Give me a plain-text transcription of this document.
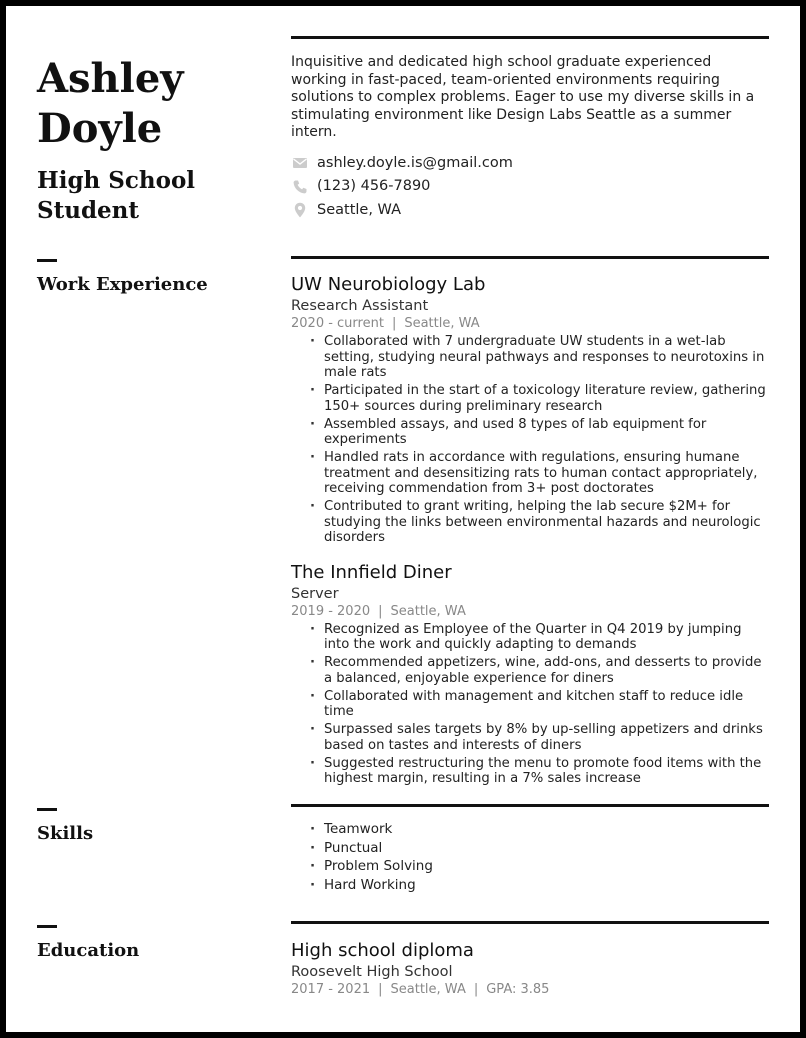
Ashley
Doyle
High School
Student
Work Experience
Skills
Education

Inquisitive and dedicated high school graduate experienced working in fast-paced, team-oriented environments requiring solutions to complex problems. Eager to use my diverse skills in a stimulating environment like Design Labs Seattle as a summer intern.

ashley.doyle.is@gmail.com
(123) 456-7890
Seattle, WA
UW Neurobiology Lab
Research Assistant
2020 - current | Seattle, WA
· Collaborated with 7 undergraduate UW students in a wet-lab setting, studying neural pathways and responses to neurotoxins in male rats
· Participated in the start of a toxicology literature review, gathering 150+ sources during preliminary research
· Assembled assays, and used 8 types of lab equipment for experiments
· Handled rats in accordance with regulations, ensuring humane treatment and desensitizing rats to human contact appropriately, receiving commendation from 3+ post doctorates
· Contributed to grant writing, helping the lab secure $2M+ for studying the links between environmental hazards and neurologic disorders
The Innfield Diner
Server
2019 - 2020 | Seattle, WA
· Recognized as Employee of the Quarter in Q4 2019 by jumping into the work and quickly adapting to demands
· Recommended appetizers, wine, add-ons, and desserts to provide a balanced, enjoyable experience for diners
· Collaborated with management and kitchen staff to reduce idle time
· Surpassed sales targets by 8% by up-selling appetizers and drinks based on tastes and interests of diners
· Suggested restructuring the menu to promote food items with the highest margin, resulting in a 7% sales increase
· Teamwork
· Punctual
· Problem Solving
· Hard Working
High school diploma
Roosevelt High School
2017 - 2021 | Seattle, WA | GPA: 3.85
